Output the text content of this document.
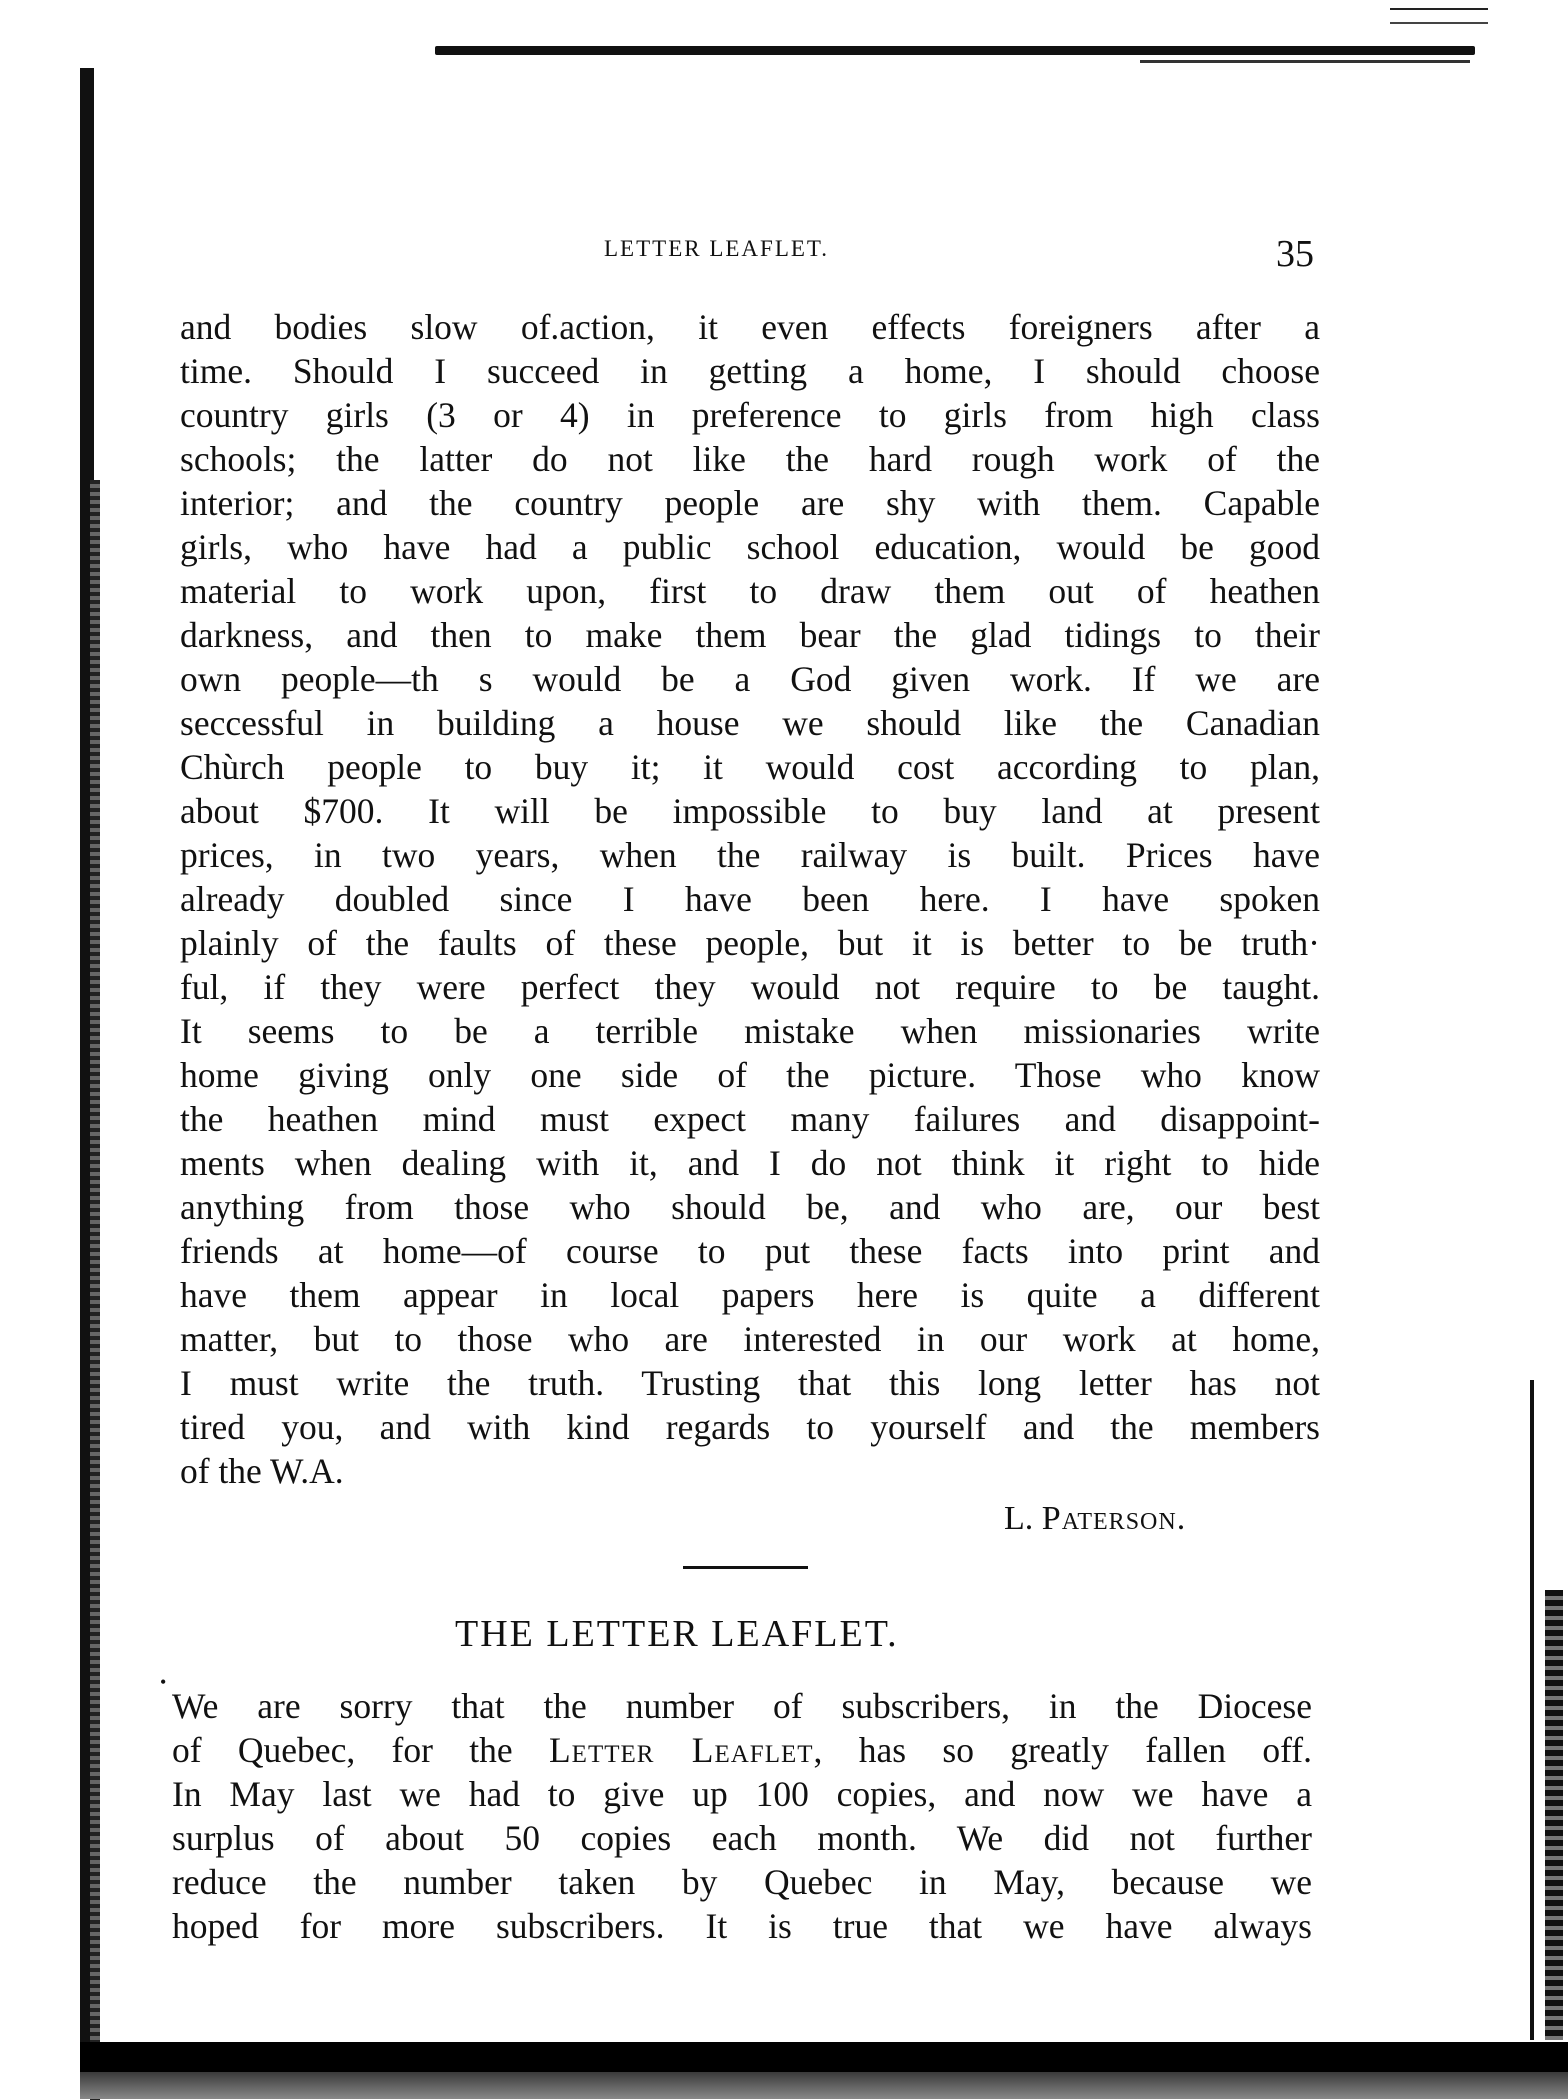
LETTER LEAFLET.	35
and bodies slow of.action, it even effects foreigners after a
time. Should I succeed in getting a home, I should choose
country girls (3 or 4) in preference to girls from high class
schools; the latter do not like the hard rough work of the
interior; and the country people are shy with them. Capable
girls, who have had a public school education, would be good
material to work upon, first to draw them out of heathen
darkness, and then to make them bear the glad tidings to their
own people—th s would be a God given work. If we are
seccessful in building a house we should like the Canadian
Chùrch people to buy it; it would cost according to plan,
about $700. It will be impossible to buy land at present
prices, in two years, when the railway is built. Prices have
already doubled since I have been here. I have spoken
plainly of the faults of these people, but it is better to be truth·
ful, if they were perfect they would not require to be taught.
It seems to be a terrible mistake when missionaries write
home giving only one side of the picture. Those who know
the heathen mind must expect many failures and disappoint-
ments when dealing with it, and I do not think it right to hide
anything from those who should be, and who are, our best
friends at home—of course to put these facts into print and
have them appear in local papers here is quite a different
matter, but to those who are interested in our work at home,
I must write the truth. Trusting that this long letter has not
tired you, and with kind regards to yourself and the members
of the W.A.
L. Paterson.
THE LETTER LEAFLET.
•
We are sorry that the number of subscribers, in the Diocese
of Quebec, for the Letter Leaflet, has so greatly fallen off.
In May last we had to give up 100 copies, and now we have a
surplus of about 50 copies each month. We did not further
reduce the number taken by Quebec in May, because we
hoped for more subscribers. It is true that we have always
